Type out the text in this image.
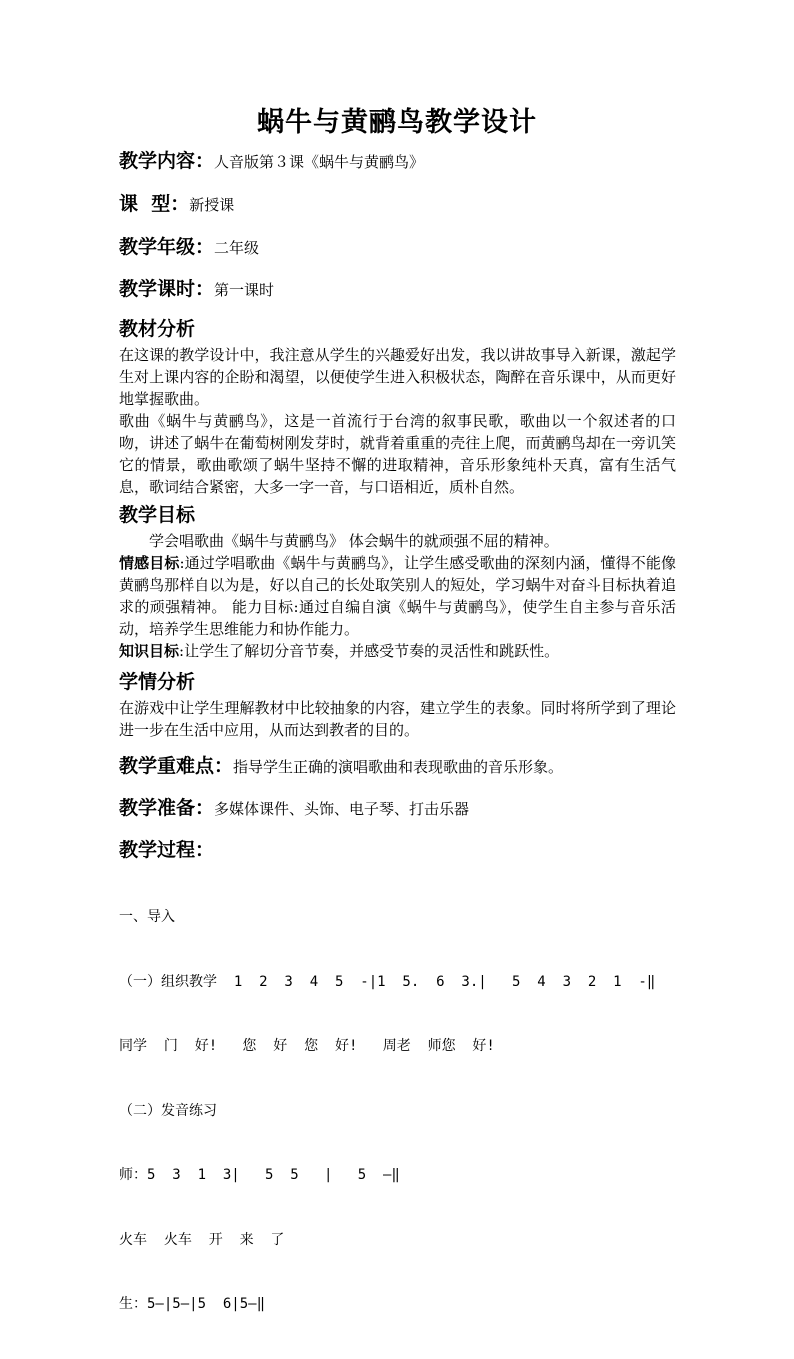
蜗牛与黄鹂鸟教学设计
教学内容：人音版第３课《蜗牛与黄鹂鸟》
课  型：新授课
教学年级：二年级
教学课时：第一课时
教材分析

在这课的教学设计中，我注意从学生的兴趣爱好出发，我以讲故事导入新课，激起学生对上课内容的企盼和渴望，以便使学生进入积极状态，陶醉在音乐课中，从而更好地掌握歌曲。

歌曲《蜗牛与黄鹂鸟》，这是一首流行于台湾的叙事民歌，歌曲以一个叙述者的口吻，讲述了蜗牛在葡萄树刚发芽时，就背着重重的壳往上爬，而黄鹂鸟却在一旁讥笑它的情景，歌曲歌颂了蜗牛坚持不懈的进取精神，音乐形象纯朴天真，富有生活气息，歌词结合紧密，大多一字一音，与口语相近，质朴自然。

教学目标

学会唱歌曲《蜗牛与黄鹂鸟》 体会蜗牛的就顽强不屈的精神。

情感目标:通过学唱歌曲《蜗牛与黄鹂鸟》，让学生感受歌曲的深刻内涵，懂得不能像黄鹂鸟那样自以为是，好以自己的长处取笑别人的短处，学习蜗牛对奋斗目标执着追求的顽强精神。 能力目标:通过自编自演《蜗牛与黄鹂鸟》，使学生自主参与音乐活动，培养学生思维能力和协作能力。

知识目标:让学生了解切分音节奏，并感受节奏的灵活性和跳跃性。

学情分析
在游戏中让学生理解教材中比较抽象的内容，建立学生的表象。同时将所学到了理论进一步在生活中应用，从而达到教者的目的。
教学重难点：指导学生正确的演唱歌曲和表现歌曲的音乐形象。
教学准备：多媒体课件、头饰、电子琴、打击乐器
教学过程：

一、导入

（一）组织教学  1  2  3  4  5  -|1  5.  6  3.|   5  4  3  2  1  -‖

同学  门  好!   您  好  您  好!   周老  师您  好!

（二）发音练习

师：5  3  1  3|   5  5   |   5  —‖

火车  火车  开  来  了

生：5—|5—|5  6|5—‖
